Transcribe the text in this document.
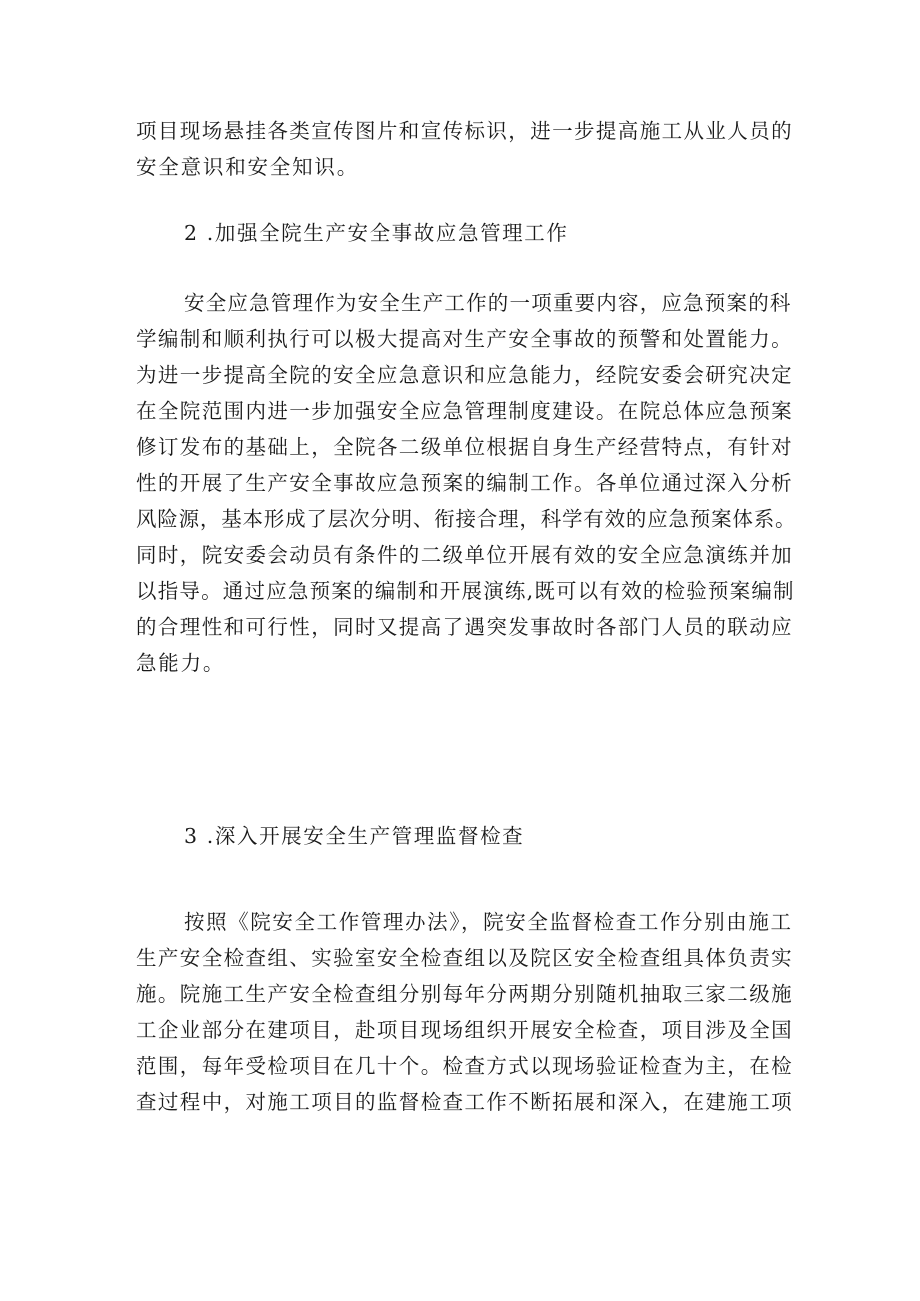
项目现场悬挂各类宣传图片和宣传标识，进一步提高施工从业人员的
安全意识和安全知识。
2 .加强全院生产安全事故应急管理工作
安全应急管理作为安全生产工作的一项重要内容，应急预案的科
学编制和顺利执行可以极大提高对生产安全事故的预警和处置能力。
为进一步提高全院的安全应急意识和应急能力，经院安委会研究决定
在全院范围内进一步加强安全应急管理制度建设。在院总体应急预案
修订发布的基础上，全院各二级单位根据自身生产经营特点，有针对
性的开展了生产安全事故应急预案的编制工作。各单位通过深入分析
风险源，基本形成了层次分明、衔接合理，科学有效的应急预案体系。
同时，院安委会动员有条件的二级单位开展有效的安全应急演练并加
以指导。通过应急预案的编制和开展演练,既可以有效的检验预案编制
的合理性和可行性，同时又提高了遇突发事故时各部门人员的联动应
急能力。
3 .深入开展安全生产管理监督检查
按照《院安全工作管理办法》，院安全监督检查工作分别由施工
生产安全检查组、实验室安全检查组以及院区安全检查组具体负责实
施。院施工生产安全检查组分别每年分两期分别随机抽取三家二级施
工企业部分在建项目，赴项目现场组织开展安全检查，项目涉及全国
范围，每年受检项目在几十个。检查方式以现场验证检查为主，在检
查过程中，对施工项目的监督检查工作不断拓展和深入，在建施工项
